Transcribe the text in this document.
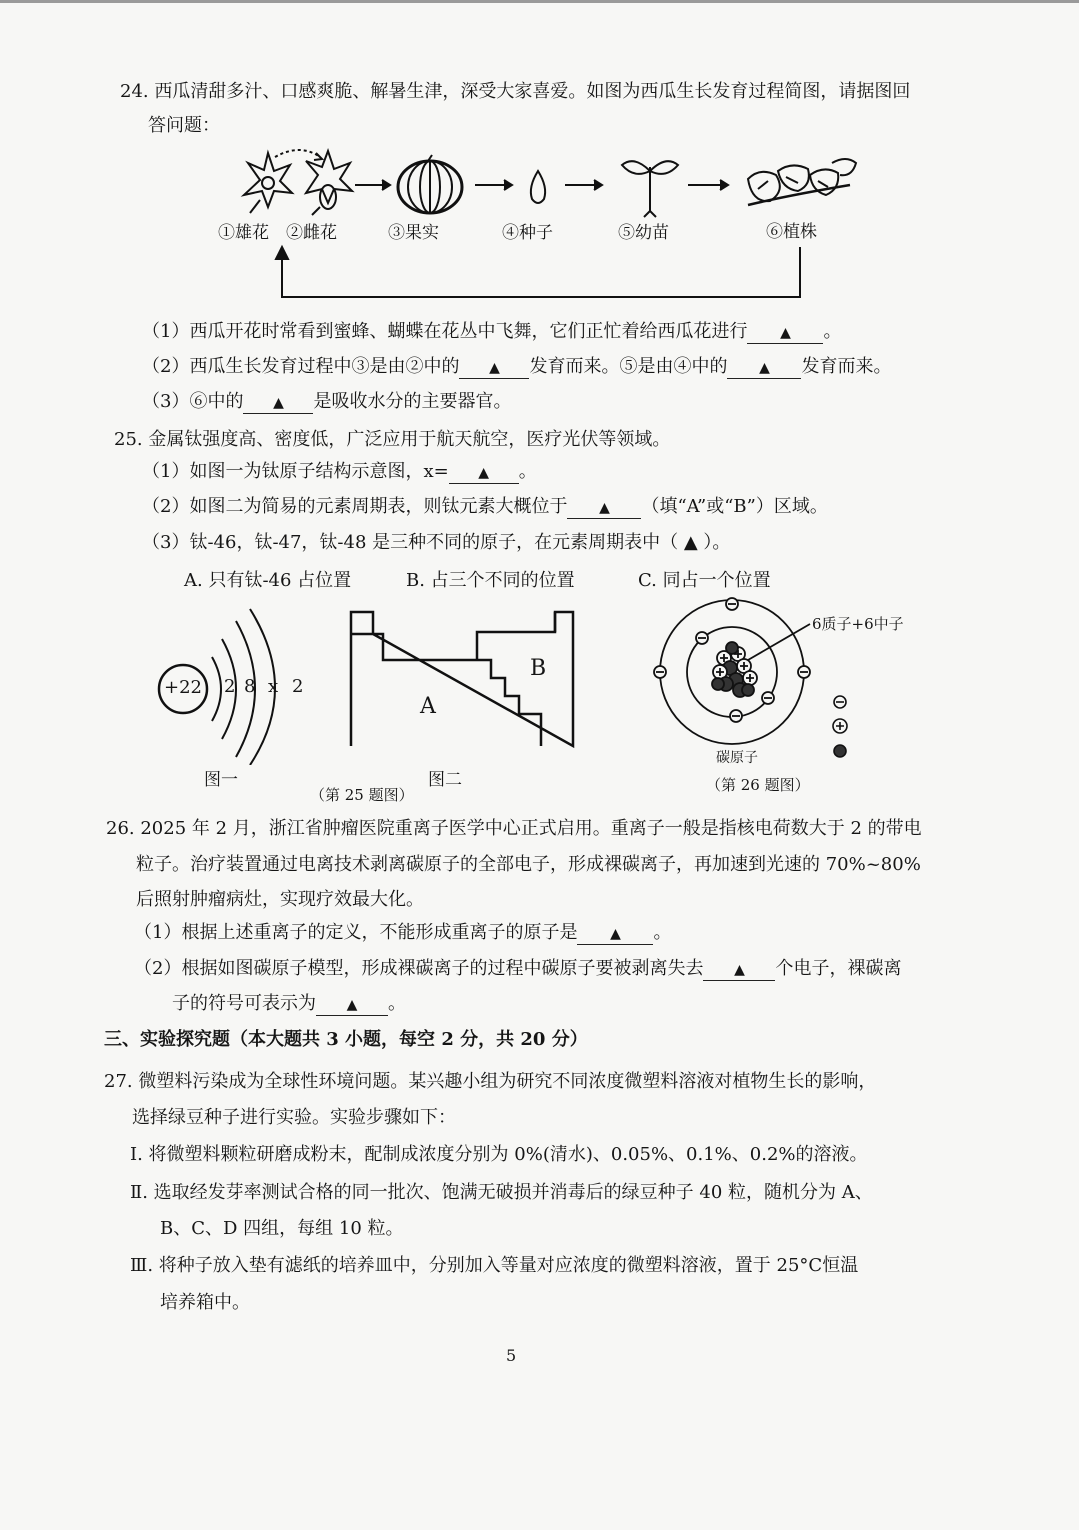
24. 西瓜清甜多汁、口感爽脆、解暑生津，深受大家喜爱。如图为西瓜生长发育过程简图，请据图回
答问题：
①雄花 ②雌花	③果实	④种子	⑤幼苗	⑥植株
（1）西瓜开花时常看到蜜蜂、蝴蝶在花丛中飞舞，它们正忙着给西瓜花进行 ▲ 。
（2）西瓜生长发育过程中③是由②中的 ▲ 发育而来。⑤是由④中的 ▲ 发育而来。
（3）⑥中的 ▲ 是吸收水分的主要器官。
25. 金属钛强度高、密度低，广泛应用于航天航空，医疗光伏等领域。
（1）如图一为钛原子结构示意图，x= ▲ 。
（2）如图二为简易的元素周期表，则钛元素大概位于 ▲ （填“A”或“B”）区域。
（3）钛-46，钛-47，钛-48 是三种不同的原子，在元素周期表中（ ▲ ）。
A. 只有钛-46 占位置	B. 占三个不同的位置	C. 同占一个位置
+22 2 8 x 2
图一
A
B
图二
（第 25 题图）
6质子+6中子
碳原子
（第 26 题图）
26. 2025 年 2 月，浙江省肿瘤医院重离子医学中心正式启用。重离子一般是指核电荷数大于 2 的带电
粒子。治疗装置通过电离技术剥离碳原子的全部电子，形成裸碳离子，再加速到光速的 70%~80%
后照射肿瘤病灶，实现疗效最大化。
（1）根据上述重离子的定义，不能形成重离子的原子是 ▲ 。
（2）根据如图碳原子模型，形成裸碳离子的过程中碳原子要被剥离失去 ▲ 个电子，裸碳离
子的符号可表示为 ▲ 。
三、实验探究题（本大题共 3 小题，每空 2 分，共 20 分）
27. 微塑料污染成为全球性环境问题。某兴趣小组为研究不同浓度微塑料溶液对植物生长的影响，
选择绿豆种子进行实验。实验步骤如下：
Ⅰ. 将微塑料颗粒研磨成粉末，配制成浓度分别为 0%(清水)、0.05%、0.1%、0.2%的溶液。
Ⅱ. 选取经发芽率测试合格的同一批次、饱满无破损并消毒后的绿豆种子 40 粒，随机分为 A、
B、C、D 四组，每组 10 粒。
Ⅲ. 将种子放入垫有滤纸的培养皿中，分别加入等量对应浓度的微塑料溶液，置于 25°C恒温
培养箱中。
5
